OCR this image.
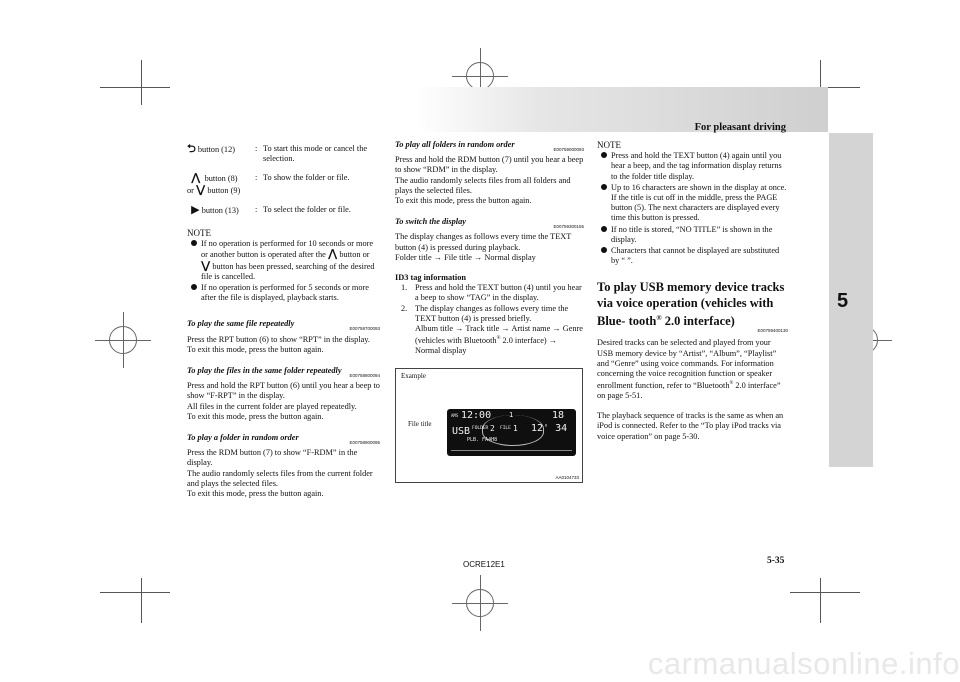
For pleasant driving
5
⮌ button (12)	: To start this mode or cancel the selection.
⋀ button (8)
or ⋁ button (9)
: To show the folder or file.
▶ button (13)	: To select the folder or file.
NOTE
If no operation is performed for 10 seconds or more or another button is operated after the ⋀ button or ⋁ button has been pressed, searching of the desired file is cancelled.
If no operation is performed for 5 seconds or more after the file is displayed, playback starts.
To play the same file repeatedly
E00758700093

Press the RPT button (6) to show “RPT” in the display.

To exit this mode, press the button again.

To play the files in the same folder repeatedly
E00758800094

Press and hold the RPT button (6) until you hear a beep to show “F-RPT” in the display.

All files in the current folder are played repeatedly.

To exit this mode, press the button again.

To play a folder in random order
E00758900095

Press the RDM button (7) to show “F-RDM” in the display.

The audio randomly selects files from the current folder and plays the selected files.

To exit this mode, press the button again.

To play all folders in random order
E00759000093

Press and hold the RDM button (7) until you hear a beep to show “RDM” in the display.

The audio randomly selects files from all folders and plays the selected files.

To exit this mode, press the button again.

To switch the display
E00759300155

The display changes as follows every time the TEXT button (4) is pressed during playback.

Folder title → File title → Normal display

ID3 tag information

1. Press and hold the TEXT button (4) until you hear a beep to show “TAG” in the display.
2. The display changes as follows every time the TEXT button (4) is pressed briefly.
Album title → Track title → Artist name → Genre (vehicles with Bluetooth® 2.0 interface) → Normal display
Example
File title
AMS 12:00	1	18
USB FOLDER 2 FILE 1 12' 34
PLB. FA4H8
AA0104733
NOTE
Press and hold the TEXT button (4) again until you hear a beep, and the tag information display returns to the folder title display.
Up to 16 characters are shown in the display at once. If the title is cut off in the middle, press the PAGE button (5). The next characters are displayed every time this button is pressed.
If no title is stored, “NO TITLE” is shown in the display.
Characters that cannot be displayed are substituted by “ ”.
To play USB memory device tracks via voice operation (vehicles with Blue- tooth® 2.0 interface)
E00759400130

Desired tracks can be selected and played from your USB memory device by “Artist”, “Album”, “Playlist” and “Genre” using voice commands. For information concerning the voice recognition function or speaker enrollment function, refer to “Bluetooth® 2.0 interface” on page 5-51.

The playback sequence of tracks is the same as when an iPod is connected. Refer to the “To play iPod tracks via voice operation” on page 5-30.

OCRE12E1	5-35
carmanualsonline.info
